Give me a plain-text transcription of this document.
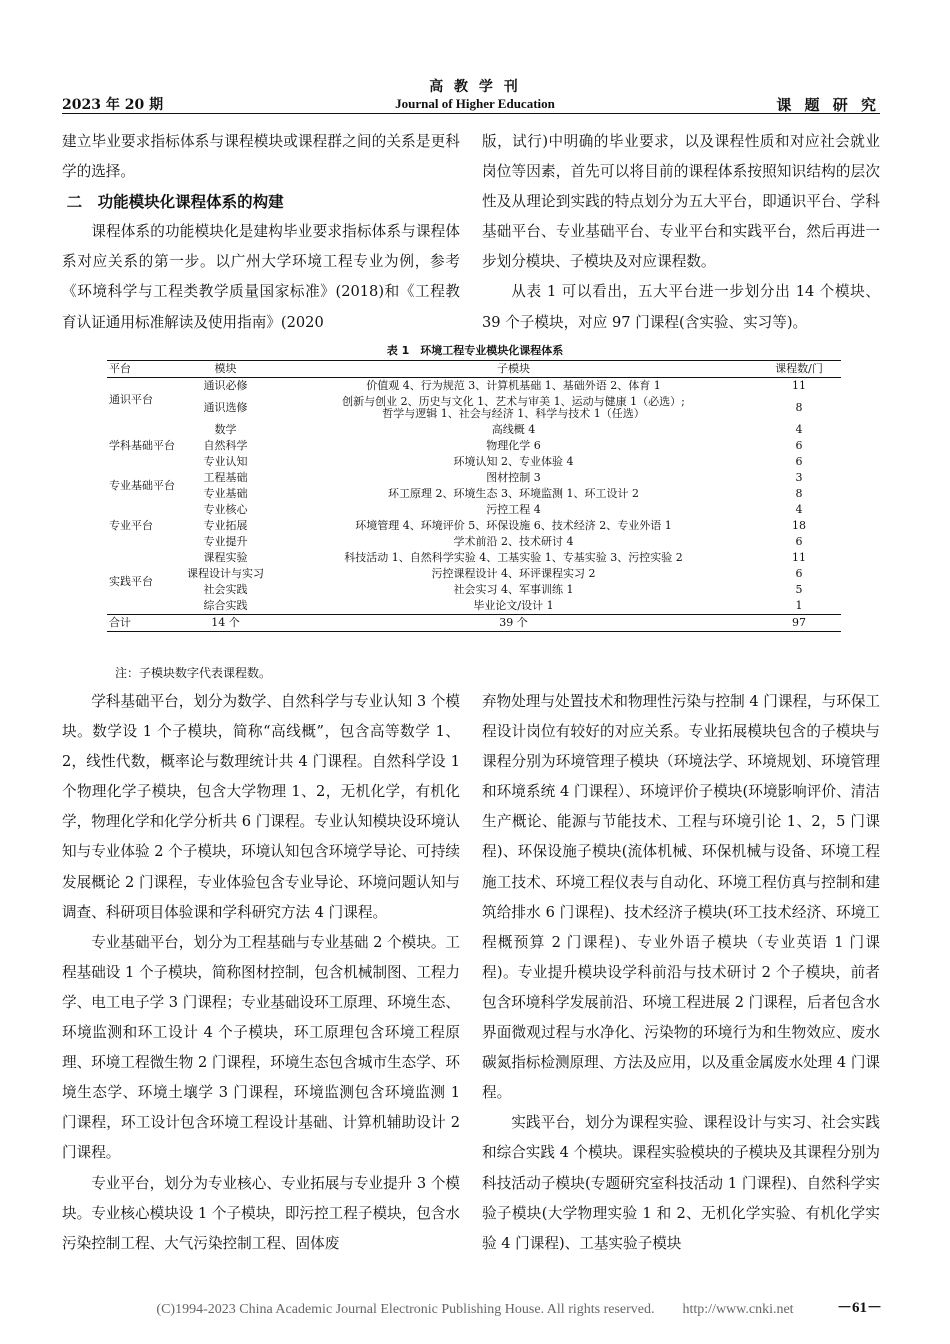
高 教 学 刊
2023 年 20 期	Journal of Higher Education	课 题 研 究

建立毕业要求指标体系与课程模块或课程群之间的关系是更科学的选择。

二　功能模块化课程体系的构建

课程体系的功能模块化是建构毕业要求指标体系与课程体系对应关系的第一步。以广州大学环境工程专业为例，参考《环境科学与工程类教学质量国家标准》(2018)和《工程教育认证通用标准解读及使用指南》(2020

版，试行)中明确的毕业要求，以及课程性质和对应社会就业岗位等因素，首先可以将目前的课程体系按照知识结构的层次性及从理论到实践的特点划分为五大平台，即通识平台、学科基础平台、专业基础平台、专业平台和实践平台，然后再进一步划分模块、子模块及对应课程数。

从表 1 可以看出，五大平台进一步划分出 14 个模块、39 个子模块，对应 97 门课程(含实验、实习等)。

表 1　环境工程专业模块化课程体系
平台	模块	子模块	课程数/门
通识平台	通识必修	价值观 4、行为规范 3、计算机基础 1、基础外语 2、体育 1	11
	通识选修	创新与创业 2、历史与文化 1、艺术与审美 1、运动与健康 1（必选）;
哲学与逻辑 1、社会与经济 1、科学与技术 1（任选）	8
学科基础平台	数学	高线概 4	4
	自然科学	物理化学 6	6
	专业认知	环境认知 2、专业体验 4	6
专业基础平台	工程基础	图材控制 3	3
	专业基础	环工原理 2、环境生态 3、环境监测 1、环工设计 2	8
专业平台	专业核心	污控工程 4	4
	专业拓展	环境管理 4、环境评价 5、环保设施 6、技术经济 2、专业外语 1	18
	专业提升	学术前沿 2、技术研讨 4	6
实践平台	课程实验	科技活动 1、自然科学实验 4、工基实验 1、专基实验 3、污控实验 2	11
	课程设计与实习	污控课程设计 4、环评课程实习 2	6
	社会实践	社会实习 4、军事训练 1	5
	综合实践	毕业论文/设计 1	1
合计	14 个	39 个	97
注：子模块数字代表课程数。

学科基础平台，划分为数学、自然科学与专业认知 3 个模块。数学设 1 个子模块，简称“高线概”，包含高等数学 1、2，线性代数，概率论与数理统计共 4 门课程。自然科学设 1 个物理化学子模块，包含大学物理 1、2，无机化学，有机化学，物理化学和化学分析共 6 门课程。专业认知模块设环境认知与专业体验 2 个子模块，环境认知包含环境学导论、可持续发展概论 2 门课程，专业体验包含专业导论、环境问题认知与调查、科研项目体验课和学科研究方法 4 门课程。

专业基础平台，划分为工程基础与专业基础 2 个模块。工程基础设 1 个子模块，简称图材控制，包含机械制图、工程力学、电工电子学 3 门课程；专业基础设环工原理、环境生态、环境监测和环工设计 4 个子模块，环工原理包含环境工程原理、环境工程微生物 2 门课程，环境生态包含城市生态学、环境生态学、环境土壤学 3 门课程，环境监测包含环境监测 1 门课程，环工设计包含环境工程设计基础、计算机辅助设计 2 门课程。

专业平台，划分为专业核心、专业拓展与专业提升 3 个模块。专业核心模块设 1 个子模块，即污控工程子模块，包含水污染控制工程、大气污染控制工程、固体废

弃物处理与处置技术和物理性污染与控制 4 门课程，与环保工程设计岗位有较好的对应关系。专业拓展模块包含的子模块与课程分别为环境管理子模块（环境法学、环境规划、环境管理和环境系统 4 门课程）、环境评价子模块(环境影响评价、清洁生产概论、能源与节能技术、工程与环境引论 1、2，5 门课程)、环保设施子模块(流体机械、环保机械与设备、环境工程施工技术、环境工程仪表与自动化、环境工程仿真与控制和建筑给排水 6 门课程)、技术经济子模块(环工技术经济、环境工程概预算 2 门课程)、专业外语子模块（专业英语 1 门课程)。专业提升模块设学科前沿与技术研讨 2 个子模块，前者包含环境科学发展前沿、环境工程进展 2 门课程，后者包含水界面微观过程与水净化、污染物的环境行为和生物效应、废水碳氮指标检测原理、方法及应用，以及重金属废水处理 4 门课程。

实践平台，划分为课程实验、课程设计与实习、社会实践和综合实践 4 个模块。课程实验模块的子模块及其课程分别为科技活动子模块(专题研究室科技活动 1 门课程)、自然科学实验子模块(大学物理实验 1 和 2、无机化学实验、有机化学实验 4 门课程)、工基实验子模块

－61－
(C)1994-2023 China Academic Journal Electronic Publishing House. All rights reserved.　　http://www.cnki.net
